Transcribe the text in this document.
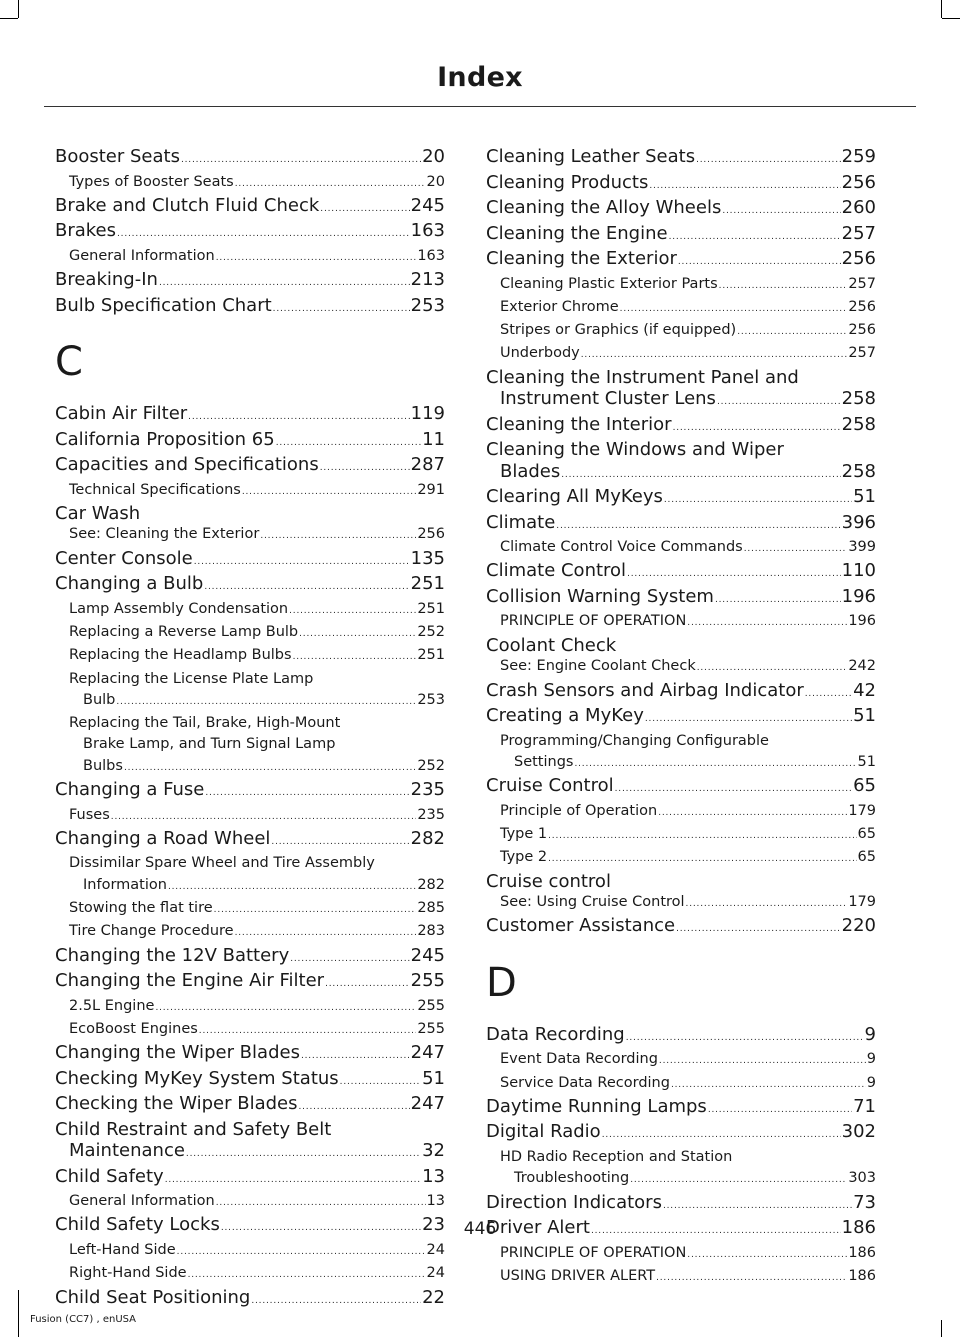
Index
Booster Seats .....	20
Types of Booster Seats .....	20
Brake and Clutch Fluid Check .....	245
Brakes .....	163
General Information .....	163
Breaking-In .....	213
Bulb Specification Chart .....	253
C
Cabin Air Filter .....	119
California Proposition 65 .....	11
Capacities and Specifications .....	287
Technical Specifications .....	291
Car Wash
See: Cleaning the Exterior .....	256
Center Console .....	135
Changing a Bulb .....	251
Lamp Assembly Condensation .....	251
Replacing a Reverse Lamp Bulb .....	252
Replacing the Headlamp Bulbs .....	251
Replacing the License Plate Lamp
Bulb .....	253
Replacing the Tail, Brake, High-Mount
Brake Lamp, and Turn Signal Lamp
Bulbs .....	252
Changing a Fuse .....	235
Fuses .....	235
Changing a Road Wheel .....	282
Dissimilar Spare Wheel and Tire Assembly
Information .....	282
Stowing the flat tire .....	285
Tire Change Procedure .....	283
Changing the 12V Battery .....	245
Changing the Engine Air Filter .....	255
2.5L Engine .....	255
EcoBoost Engines .....	255
Changing the Wiper Blades .....	247
Checking MyKey System Status .....	51
Checking the Wiper Blades .....	247
Child Restraint and Safety Belt
Maintenance .....	32
Child Safety .....	13
General Information .....	13
Child Safety Locks .....	23
Left-Hand Side .....	24
Right-Hand Side .....	24
Child Seat Positioning .....	22
Cleaning Leather Seats .....	259
Cleaning Products .....	256
Cleaning the Alloy Wheels .....	260
Cleaning the Engine .....	257
Cleaning the Exterior .....	256
Cleaning Plastic Exterior Parts .....	257
Exterior Chrome .....	256
Stripes or Graphics (if equipped) .....	256
Underbody .....	257
Cleaning the Instrument Panel and
Instrument Cluster Lens .....	258
Cleaning the Interior .....	258
Cleaning the Windows and Wiper
Blades .....	258
Clearing All MyKeys .....	51
Climate .....	396
Climate Control Voice Commands .....	399
Climate Control .....	110
Collision Warning System .....	196
PRINCIPLE OF OPERATION .....	196
Coolant Check
See: Engine Coolant Check .....	242
Crash Sensors and Airbag Indicator .....	42
Creating a MyKey .....	51
Programming/Changing Configurable
Settings .....	51
Cruise Control .....	65
Principle of Operation .....	179
Type 1 .....	65
Type 2 .....	65
Cruise control
See: Using Cruise Control .....	179
Customer Assistance .....	220
D
Data Recording .....	9
Event Data Recording .....	9
Service Data Recording .....	9
Daytime Running Lamps .....	71
Digital Radio .....	302
HD Radio Reception and Station
Troubleshooting .....	303
Direction Indicators .....	73
Driver Alert .....	186
PRINCIPLE OF OPERATION .....	186
USING DRIVER ALERT .....	186
446
Fusion (CC7) , enUSA
